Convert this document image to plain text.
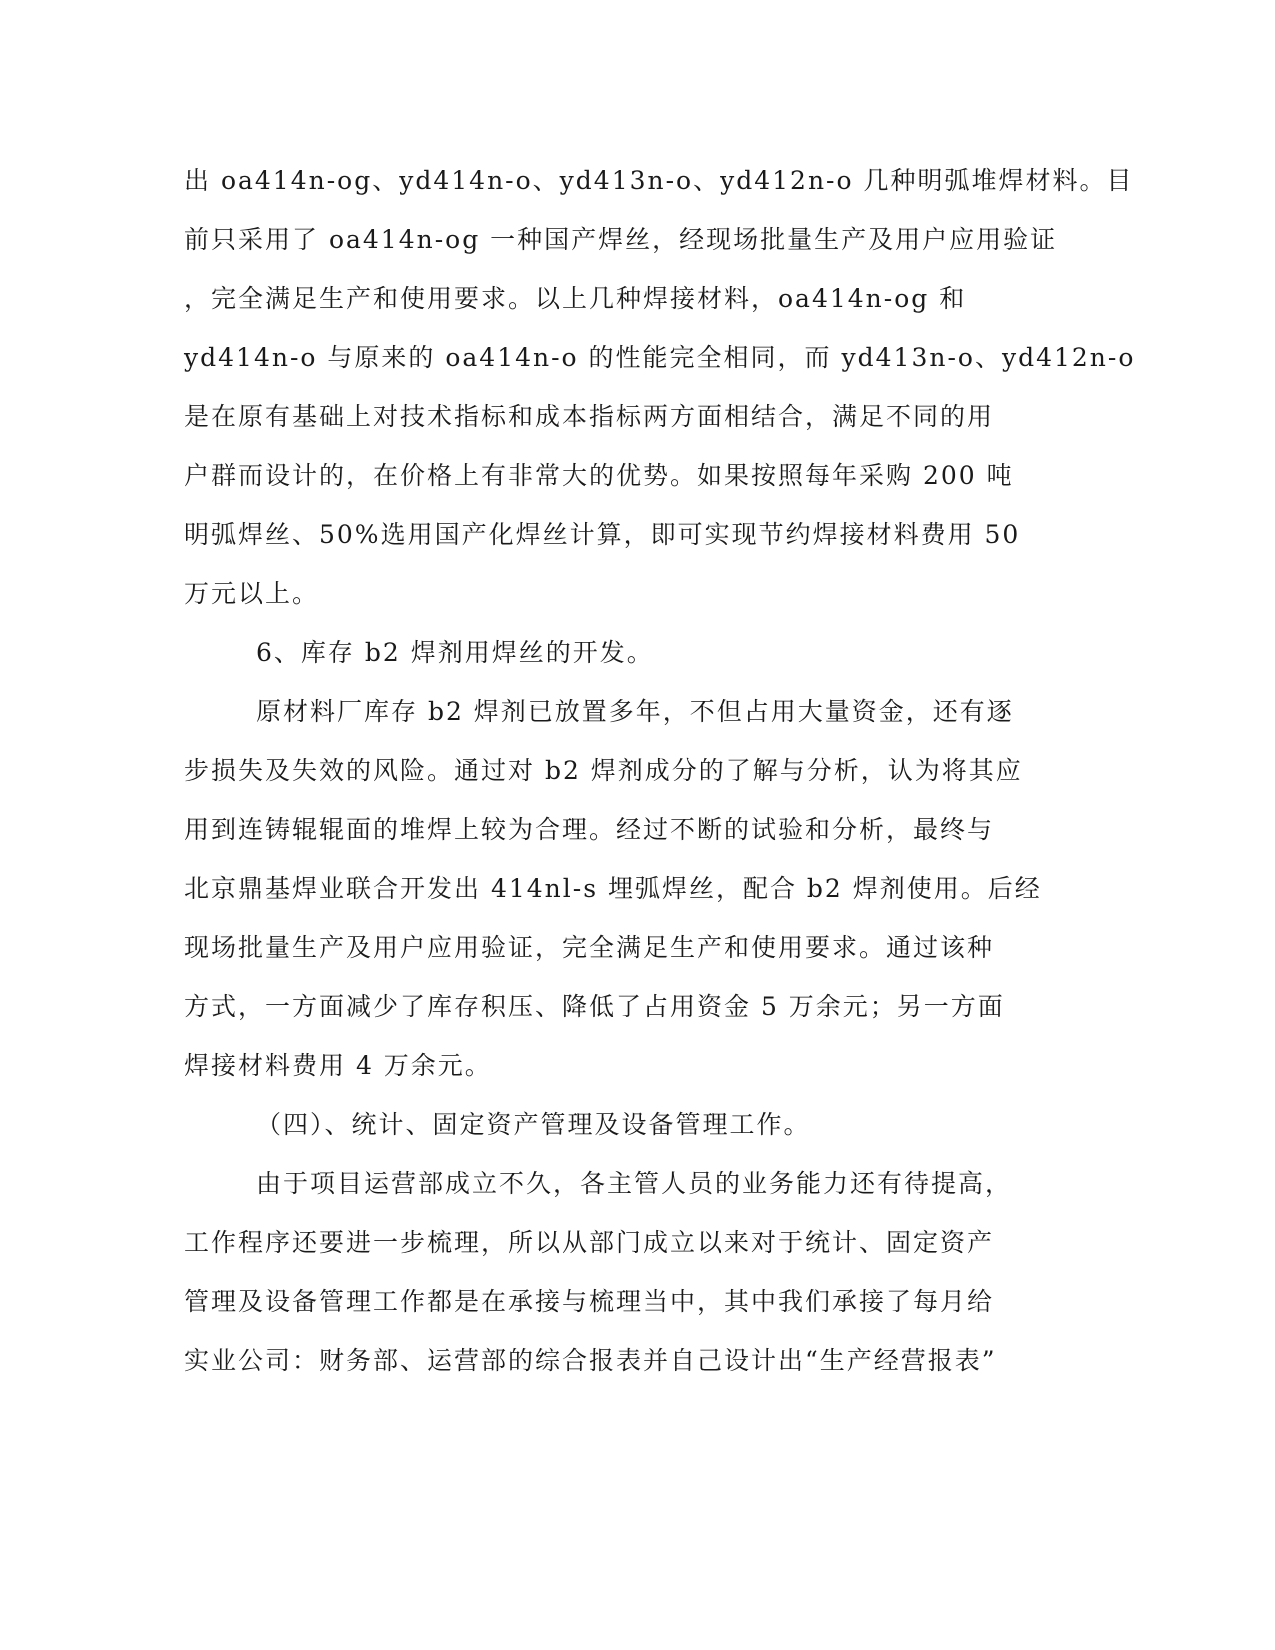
出 oa414n-og、yd414n-o、yd413n-o、yd412n-o 几种明弧堆焊材料。目
前只采用了 oa414n-og 一种国产焊丝，经现场批量生产及用户应用验证
，完全满足生产和使用要求。以上几种焊接材料，oa414n-og 和
yd414n-o 与原来的 oa414n-o 的性能完全相同，而 yd413n-o、yd412n-o
是在原有基础上对技术指标和成本指标两方面相结合，满足不同的用
户群而设计的，在价格上有非常大的优势。如果按照每年采购 200 吨
明弧焊丝、50%选用国产化焊丝计算，即可实现节约焊接材料费用 50
万元以上。
6、库存 b2 焊剂用焊丝的开发。
原材料厂库存 b2 焊剂已放置多年，不但占用大量资金，还有逐
步损失及失效的风险。通过对 b2 焊剂成分的了解与分析，认为将其应
用到连铸辊辊面的堆焊上较为合理。经过不断的试验和分析，最终与
北京鼎基焊业联合开发出 414nl-s 埋弧焊丝，配合 b2 焊剂使用。后经
现场批量生产及用户应用验证，完全满足生产和使用要求。通过该种
方式，一方面减少了库存积压、降低了占用资金 5 万余元；另一方面
焊接材料费用 4 万余元。
（四）、统计、固定资产管理及设备管理工作。
由于项目运营部成立不久，各主管人员的业务能力还有待提高，
工作程序还要进一步梳理，所以从部门成立以来对于统计、固定资产
管理及设备管理工作都是在承接与梳理当中，其中我们承接了每月给
实业公司：财务部、运营部的综合报表并自己设计出“生产经营报表”
